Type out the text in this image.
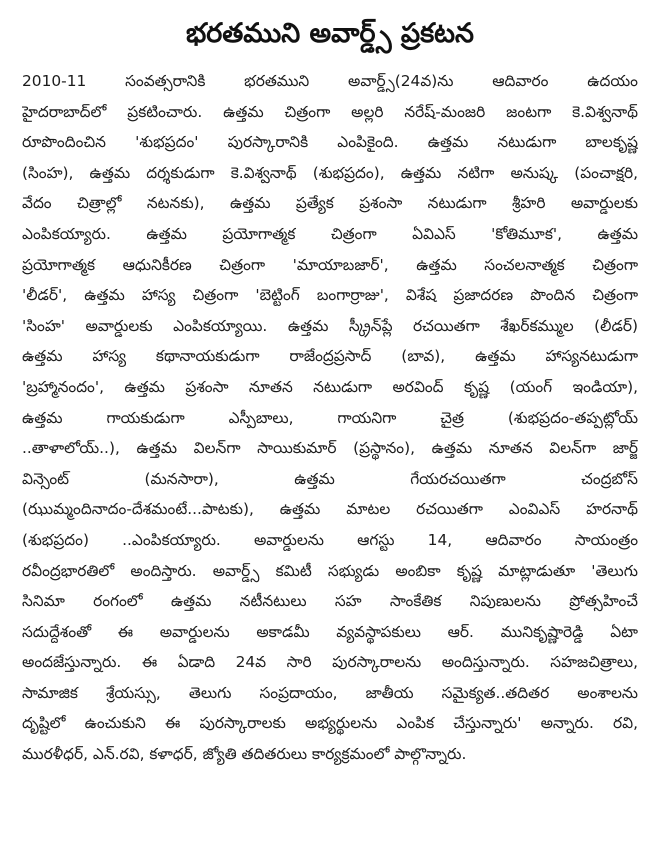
భరతముని అవార్డ్స్ ప్రకటన

2010-11 సంవత్సరానికి భరతముని అవార్డ్స్(24వ)ను ఆదివారం ఉదయం
హైదరాబాద్‌లో ప్రకటించారు. ఉత్తమ చిత్రంగా అల్లరి నరేష్-మంజరి జంటగా కె.విశ్వనాథ్
రూపొందించిన 'శుభప్రదం' పురస్కారానికి ఎంపికైంది. ఉత్తమ నటుడుగా బాలకృష్ణ
(సింహ), ఉత్తమ దర్శకుడుగా కె.విశ్వనాథ్ (శుభప్రదం), ఉత్తమ నటిగా అనుష్క (పంచాక్షరి,
వేదం చిత్రాల్లో నటనకు), ఉత్తమ ప్రత్యేక ప్రశంసా నటుడుగా శ్రీహరి అవార్డులకు
ఎంపికయ్యారు. ఉత్తమ ప్రయోగాత్మక చిత్రంగా ఏవిఎస్ 'కోతిమూక', ఉత్తమ
ప్రయోగాత్మక ఆధునికీరణ చిత్రంగా 'మాయాబజార్', ఉత్తమ సంచలనాత్మక చిత్రంగా
'లీడర్', ఉత్తమ హాస్య చిత్రంగా 'బెట్టింగ్ బంగార్రాజు', విశేష ప్రజాదరణ పొందిన చిత్రంగా
'సింహ' అవార్డులకు ఎంపికయ్యాయి. ఉత్తమ స్క్రీన్‌ప్లే రచయితగా శేఖర్‌కమ్ముల (లీడర్)
ఉత్తమ హాస్య కథానాయకుడుగా రాజేంద్రప్రసాద్ (బావ), ఉత్తమ హాస్యనటుడుగా
'బ్రహ్మానందం', ఉత్తమ ప్రశంసా నూతన నటుడుగా అరవింద్ కృష్ణ (యంగ్ ఇండియా),
ఉత్తమ గాయకుడుగా ఎస్పీబాలు, గాయనిగా చైత్ర (శుభప్రదం-తప్పట్లోయ్
..తాళాలోయ్..), ఉత్తమ విలన్‌గా సాయికుమార్ (ప్రస్థానం), ఉత్తమ నూతన విలన్‌గా జార్జ్
విన్సెంట్ (మనసారా), ఉత్తమ గేయరచయితగా చంద్రబోస్
(ఝుమ్మందినాదం-దేశమంటే...పాటకు), ఉత్తమ మాటల రచయితగా ఎంవిఎస్ హరనాథ్
(శుభప్రదం) ..ఎంపికయ్యారు. అవార్డులను ఆగస్టు 14, ఆదివారం సాయంత్రం
రవీంద్రభారతిలో అందిస్తారు. అవార్డ్స్ కమిటీ సభ్యుడు అంబికా కృష్ణ మాట్లాడుతూ 'తెలుగు
సినిమా రంగంలో ఉత్తమ నటీనటులు సహ సాంకేతిక నిపుణులను ప్రోత్సహించే
సదుద్దేశంతో ఈ అవార్డులను అకాడమీ వ్యవస్థాపకులు ఆర్. మునికృష్ణారెడ్డి ఏటా
అందజేస్తున్నారు. ఈ ఏడాది 24వ సారి పురస్కారాలను అందిస్తున్నారు. సహజచిత్రాలు,
సామాజిక శ్రేయస్సు, తెలుగు సంప్రదాయం, జాతీయ సమైక్యత..తదితర అంశాలను
దృష్టిలో ఉంచుకుని ఈ పురస్కారాలకు అభ్యర్థులను ఎంపిక చేస్తున్నారు' అన్నారు. రవి,
మురళీధర్, ఎన్.రవి, కళాధర్, జ్యోతి తదితరులు కార్యక్రమంలో పాల్గొన్నారు.
